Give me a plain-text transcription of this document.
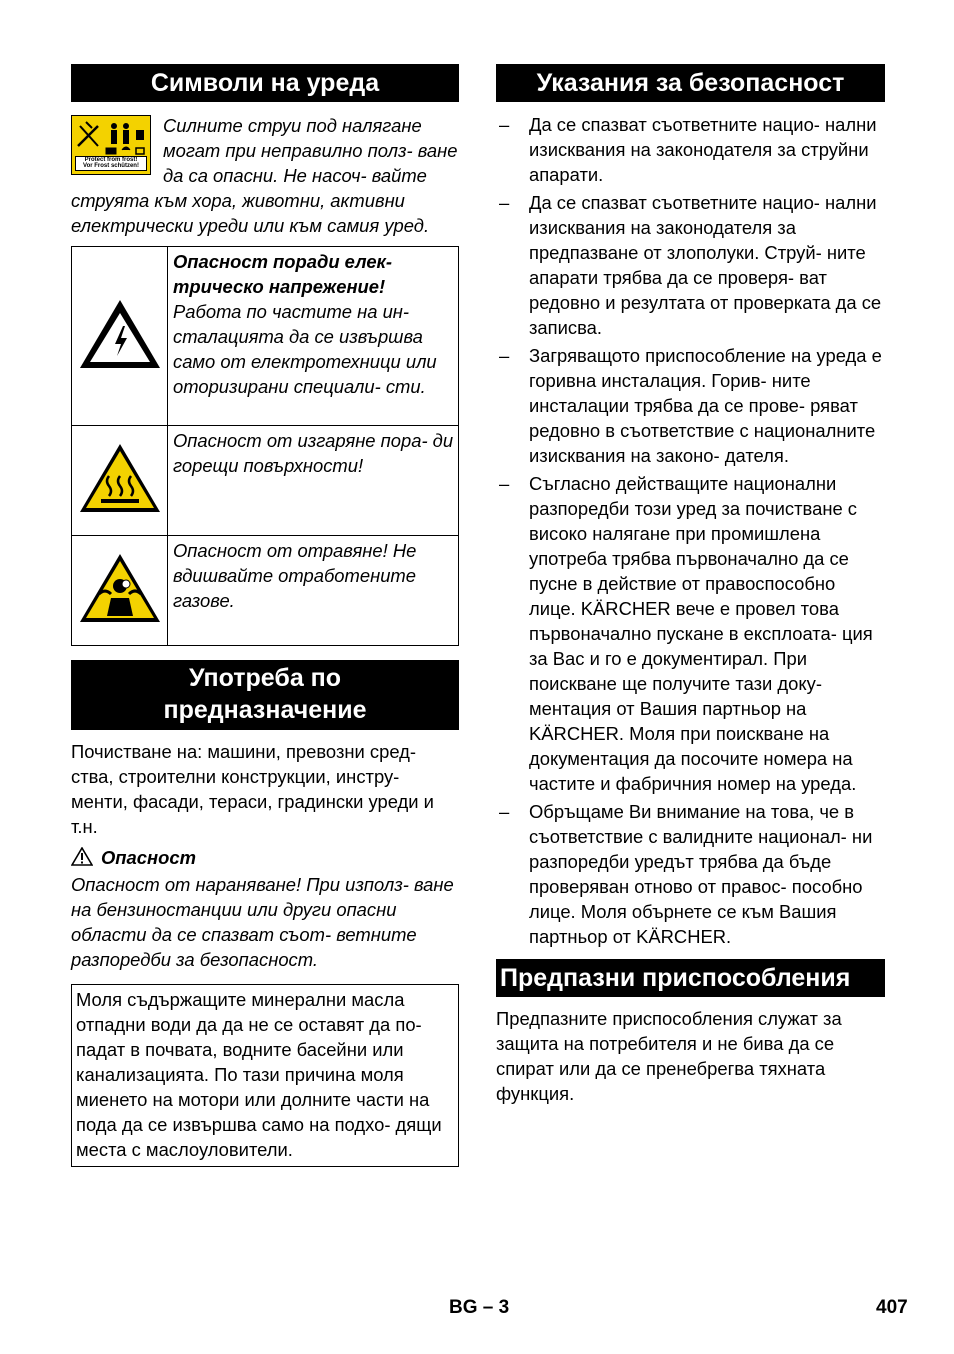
Символи на уреда
Protect from frost!
Vor Frost schützen!

Силните струи под налягане могат при неправилно полз- ване да са опасни. Не насоч- вайте струята към хора, животни, активни електрически уреди или към самия уред.

Опасност поради елек- трическо напрежение!
Работа по частите на ин- сталацията да се извършва само от електротехници или оторизирани специали- сти.

	Опасност от изгаряне пора- ди горещи повърхности!
	Опасност от отравяне! Не вдишвайте отработените газове.
Употреба по
предназначение

Почистване на: машини, превозни сред- ства, строителни конструкции, инстру- менти, фасади, тераси, градински уреди и т.н.

Опасност

Опасност от нараняване! При използ- ване на бензиностанции или други опасни области да се спазват съот- ветните разпоредби за безопасност.

Моля съдържащите минерални масла отпадни води да да не се оставят да по- падат в почвата, водните басейни или канализацията. По тази причина моля миенето на мотори или долните части на пода да се извършва само на подхо- дящи места с маслоуловители.

Указания за безопасност
– Да се спазват съответните нацио- нални изисквания на законодателя за струйни апарати.
– Да се спазват съответните нацио- нални изисквания на законодателя за предпазване от злополуки. Струй- ните апарати трябва да се проверя- ват редовно и резултата от проверката да се записва.
– Загряващото приспособление на уреда е горивна инсталация. Горив- ните инсталации трябва да се прове- ряват редовно в съответствие с националните изисквания на законо- дателя.
– Съгласно действащите национални разпоредби този уред за почистване с високо налягане при промишлена употреба трябва първоначално да се пусне в действие от правоспособно лице. KÄRCHER вече е провел това първоначално пускане в експлоата- ция за Вас и го е документирал. При поискване ще получите тази доку- ментация от Вашия партньор на KÄRCHER. Моля при поискване на документация да посочите номера на частите и фабричния номер на уреда.
– Обръщаме Ви внимание на това, че в съответствие с валидните национал- ни разпоредби уредът трябва да бъде проверяван отново от правос- пособно лице. Моля обърнете се към Вашия партньор от KÄRCHER.
Предпазни приспособления

Предпазните приспособления служат за защита на потребителя и не бива да се спират или да се пренебрегва тяхната функция.

BG – 3	407
